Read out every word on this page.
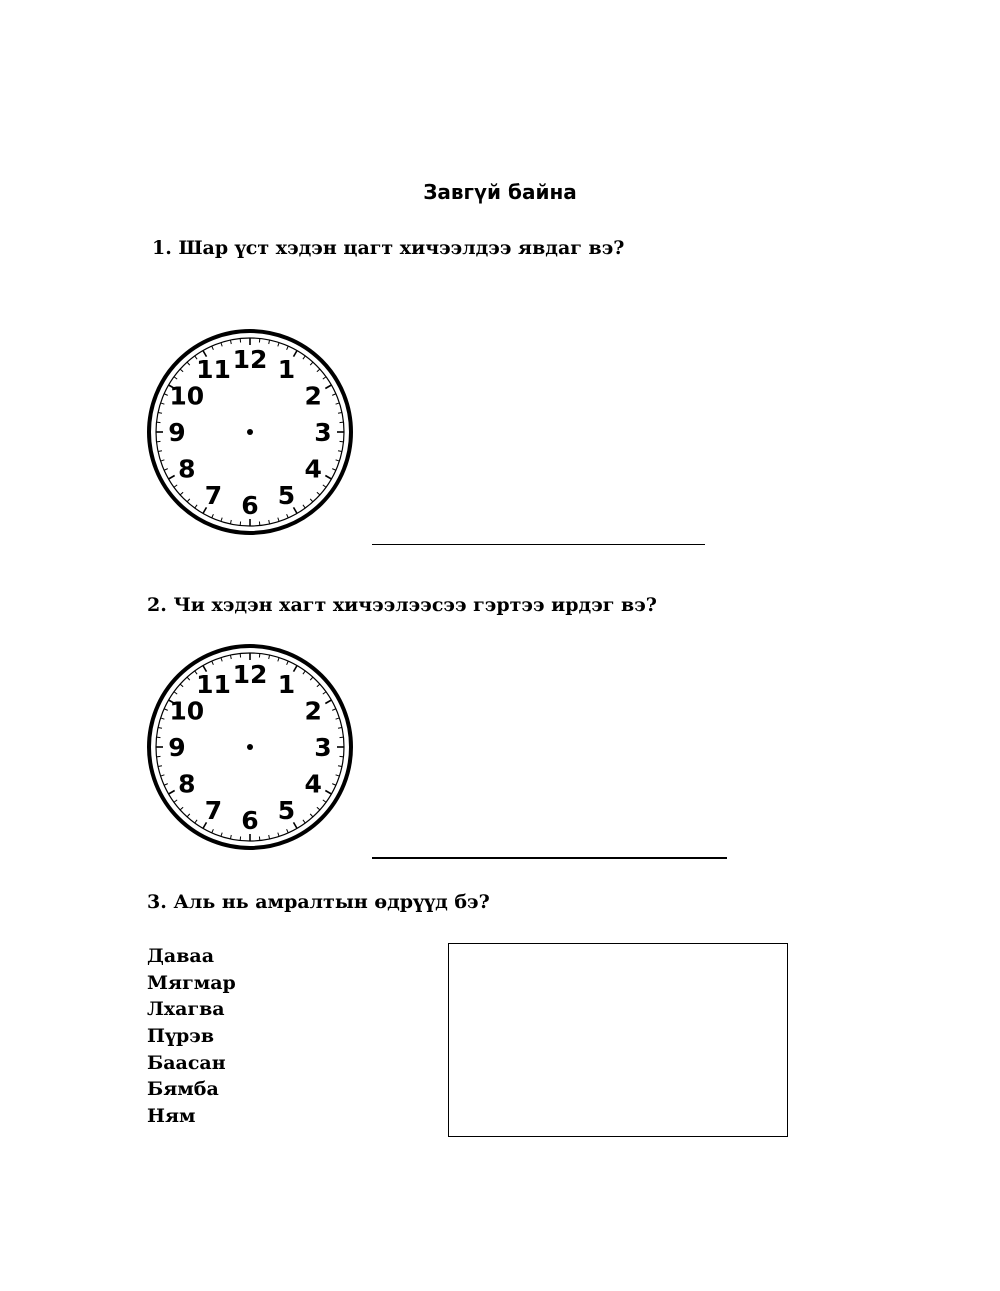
Завгүй байна
1. Шар үст хэдэн цагт хичээлдээ явдаг вэ?
12 1
2
3
4
5
6
7
8
9
10
11
2. Чи хэдэн хагт хичээлээсээ гэртээ ирдэг вэ?
12 1
2
3
4
5
6
7
8
9
10
11
3. Аль нь амралтын өдрүүд бэ?
Даваа
Мягмар
Лхагва
Пүрэв
Баасан
Бямба
Ням
